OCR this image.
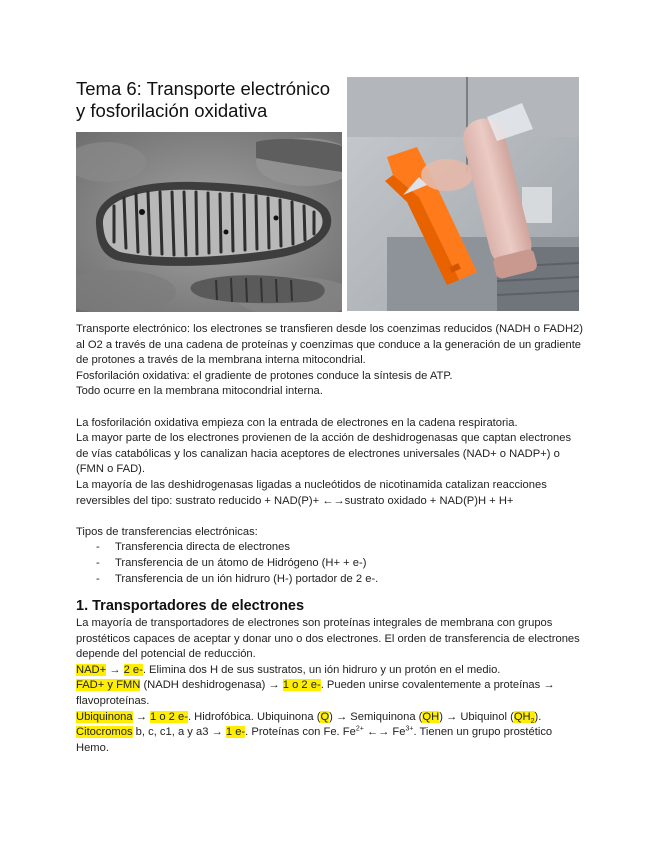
Tema 6: Transporte electrónico
y fosforilación oxidativa

Transporte electrónico: los electrones se transfieren desde los coenzimas reducidos (NADH o FADH2) al O2 a través de una cadena de proteínas y coenzimas que conduce a la generación de un gradiente de protones a través de la membrana interna mitocondrial.

Fosforilación oxidativa: el gradiente de protones conduce la síntesis de ATP.

Todo ocurre en la membrana mitocondrial interna.

La fosforilación oxidativa empieza con la entrada de electrones en la cadena respiratoria.

La mayor parte de los electrones provienen de la acción de deshidrogenasas que captan electrones de vías catabólicas y los canalizan hacia aceptores de electrones universales (NAD+ o NADP+) o (FMN o FAD).

La mayoría de las deshidrogenasas ligadas a nucleótidos de nicotinamida catalizan reacciones reversibles del tipo: sustrato reducido + NAD(P)+ ←→sustrato oxidado + NAD(P)H + H+

Tipos de transferencias electrónicas:

- Transferencia directa de electrones
- Transferencia de un átomo de Hidrógeno (H+ + e-)
- Transferencia de un ión hidruro (H-) portador de 2 e-.
1. Transportadores de electrones

La mayoría de transportadores de electrones son proteínas integrales de membrana con grupos prostéticos capaces de aceptar y donar uno o dos electrones. El orden de transferencia de electrones depende del potencial de reducción.

NAD+ → 2 e-. Elimina dos H de sus sustratos, un ión hidruro y un protón en el medio.

FAD+ y FMN (NADH deshidrogenasa) → 1 o 2 e-. Pueden unirse covalentemente a proteínas → flavoproteínas.

Ubiquinona → 1 o 2 e-. Hidrofóbica. Ubiquinona (Q) → Semiquinona (QH) → Ubiquinol $(QH_2)$.

Citocromos b, c, c1, a y a3 → 1 e-. Proteínas con Fe. $Fe^{2+}$ ←→ $Fe^{3+}$. Tienen un grupo prostético Hemo.
